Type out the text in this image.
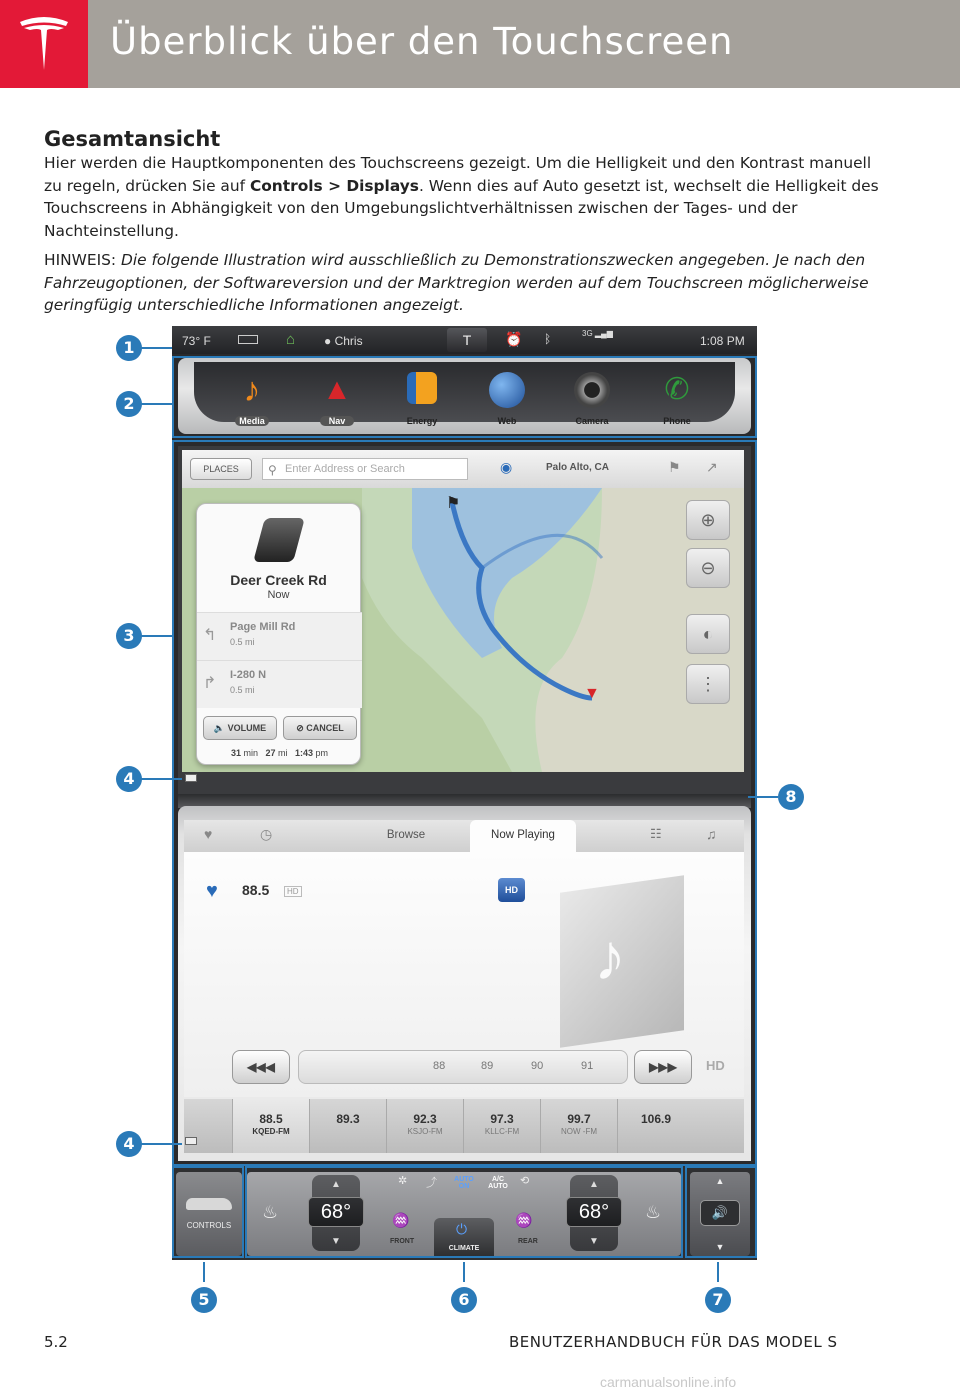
Überblick über den Touchscreen
Gesamtansicht
Hier werden die Hauptkomponenten des Touchscreens gezeigt. Um die Helligkeit und den Kontrast manuell zu regeln, drücken Sie auf Controls > Displays. Wenn dies auf Auto gesetzt ist, wechselt die Helligkeit des Touchscreens in Abhängigkeit von den Umgebungslichtverhältnissen zwischen der Tages- und der Nachteinstellung.
HINWEIS: Die folgende Illustration wird ausschließlich zu Demonstrationszwecken angegeben. Je nach den Fahrzeugoptionen, der Softwareversion und der Marktregion werden auf dem Touchscreen möglicherweise geringfügig unterschiedliche Informationen angezeigt.
73° F	⌂ ● Chris	T	⏰ ᛒ	3G ▂▄▆
1:08 PM
♪
Media
▲
Nav	Energy	Web	Camera
✆
Phone
PLACES	⚲ Enter Address or Search	◉	Palo Alto, CA	⚑ ↗
⚑
▼
Deer Creek Rd
Now
↰ Page Mill Rd
0.5 mi
↱ I-280 N
0.5 mi
🔈 VOLUME	⊘ CANCEL
31 min 27 mi 1:43 pm
⊕
⊖
◐
⋮
♥	◷	Browse	Now Playing	☷	♫
♥ 88.5	HD	HD
♪
◀◀◀	88	89	90	91	▶▶▶	HD
88.5
KQED-FM
89.3	92.3
KSJO-FM
97.3
KLLC-FM
99.7
NOW -FM
106.9
CONTROLS
♨
▲
68°
▼
✲ ⤴	AUTO ON
A/C AUTO ⟲
♒
FRONT
⏻
CLIMATE
♒
REAR
▲
68°
▼
♨	🔊
▲
▼
1
2
3
4
4
5	6	7
8
5.2	BENUTZERHANDBUCH FÜR DAS MODEL S
carmanualsonline.info
